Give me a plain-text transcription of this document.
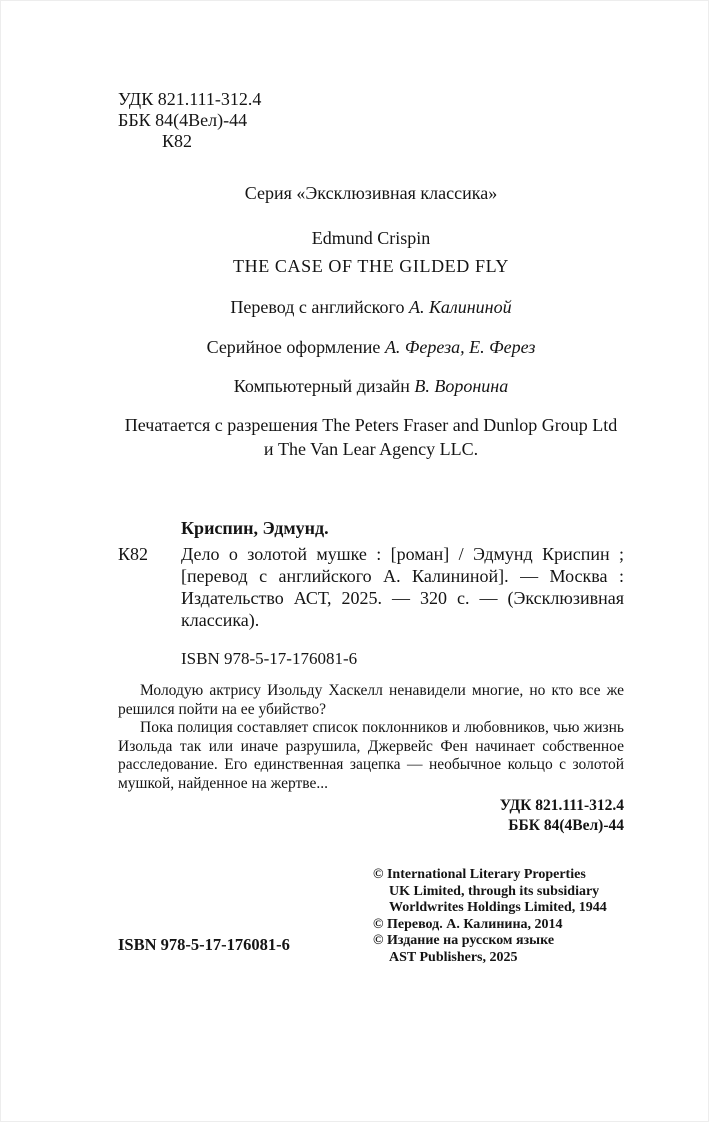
УДК 821.111-312.4
ББК 84(4Вел)-44
К82
Серия «Эксклюзивная классика»
Edmund Crispin
THE CASE OF THE GILDED FLY
Перевод с английского А. Калининой
Серийное оформление А. Фереза, Е. Ферез
Компьютерный дизайн В. Воронина
Печатается с разрешения The Peters Fraser and Dunlop Group Ltd и The Van Lear Agency LLC.
Криспин, Эдмунд.
К82	Дело о золотой мушке : [роман] / Эдмунд Криспин ; [перевод с английского А. Калининой]. — Москва : Издательство АСТ, 2025. — 320 с. — (Эксклюзивная классика).
ISBN 978-5-17-176081-6

Молодую актрису Изольду Хаскелл ненавидели многие, но кто все же решился пойти на ее убийство?

Пока полиция составляет список поклонников и любовников, чью жизнь Изольда так или иначе разрушила, Джервейс Фен начинает собственное расследование. Его единственная зацепка — необычное кольцо с золотой мушкой, найденное на жертве...

УДК 821.111-312.4
ББК 84(4Вел)-44
© International Literary Properties
UK Limited, through its subsidiary
Worldwrites Holdings Limited, 1944
© Перевод. А. Калинина, 2014
© Издание на русском языке
AST Publishers, 2025
ISBN 978-5-17-176081-6
